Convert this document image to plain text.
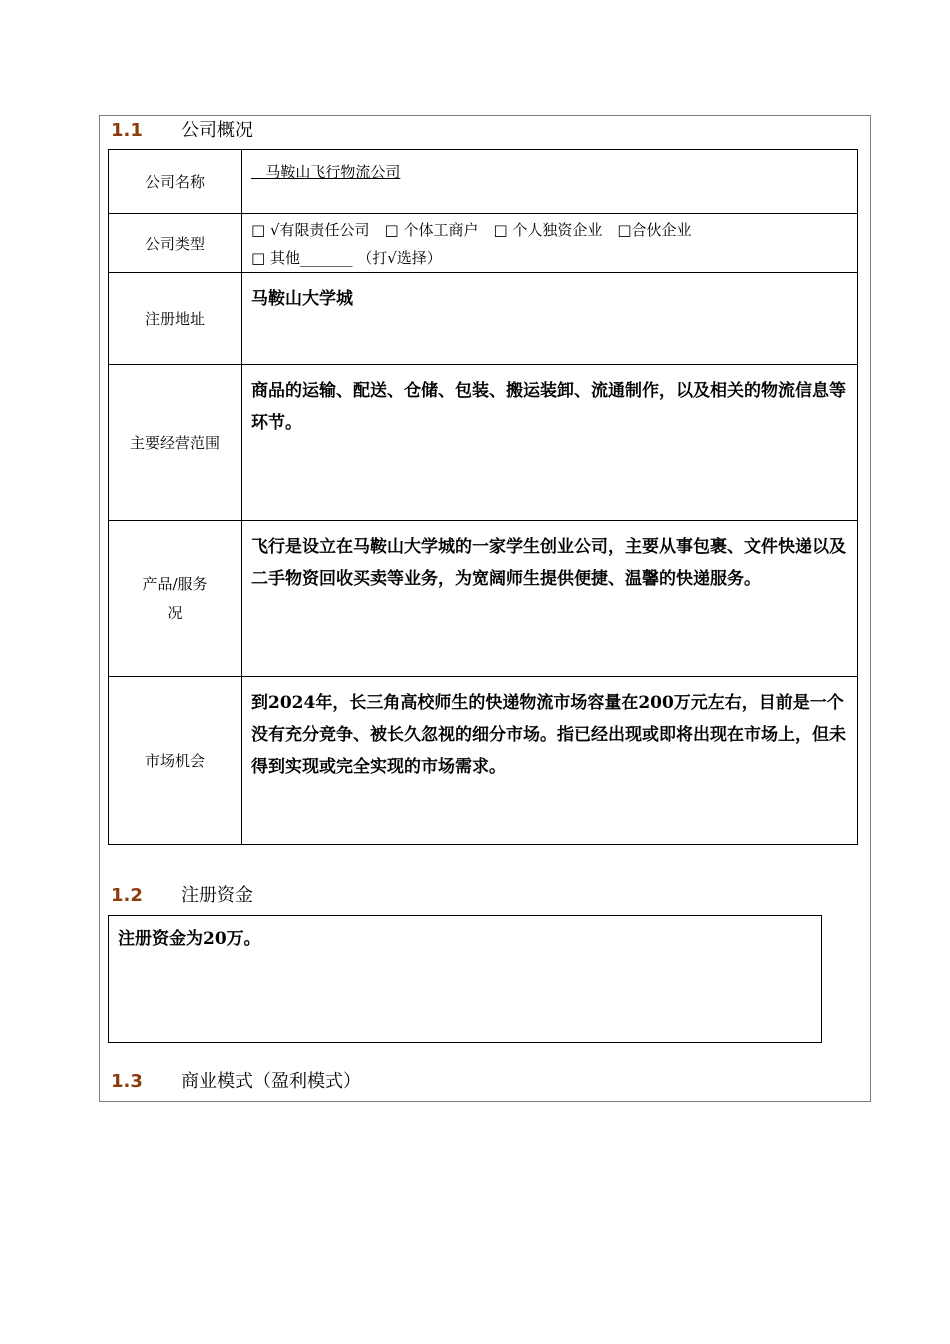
1.1 公司概况
公司名称	马鞍山飞行物流公司

公司类型	□ √有限责任公司　□ 个体工商户　□ 个人独资企业　□合伙企业
□ 其他_______ （打√选择）

注册地址	马鞍山大学城
主要经营范围	商品的运输、配送、仓储、包装、搬运装卸、流通制作，以及相关的物流信息等环节。

产品/服务
况	飞行是设立在马鞍山大学城的一家学生创业公司，主要从事包裹、文件快递以及二手物资回收买卖等业务，为宽阔师生提供便捷、温馨的快递服务。
市场机会	到2024年，长三角高校师生的快递物流市场容量在200万元左右，目前是一个没有充分竞争、被长久忽视的细分市场。指已经出现或即将出现在市场上，但未得到实现或完全实现的市场需求。
1.2 注册资金
注册资金为20万。
1.3 商业模式（盈利模式）
